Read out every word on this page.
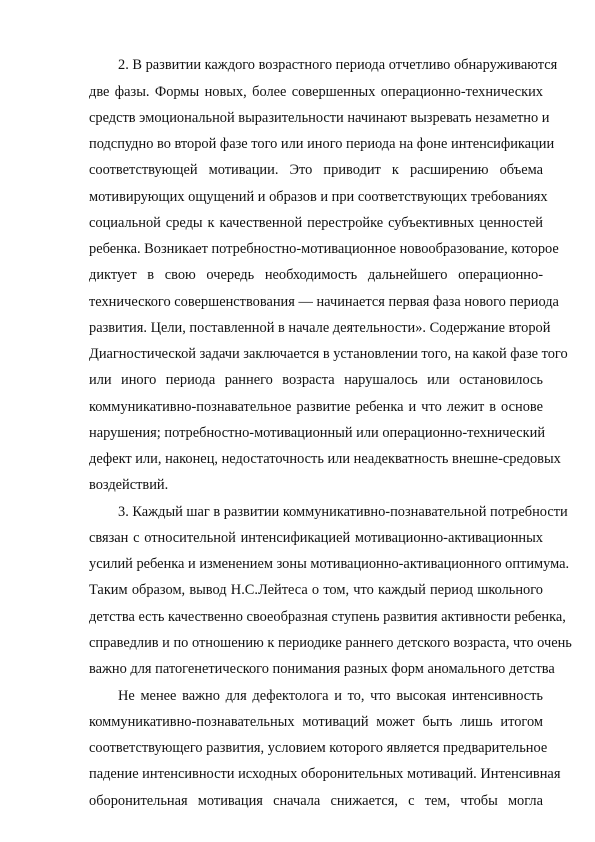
2. В развитии каждого возрастного периода отчетливо обнаруживаются

две фазы. Формы новых, более совершенных операционно-технических

средств эмоциональной выразительности начинают вызревать незаметно и

подспудно во второй фазе того или иного периода на фоне интенсификации

соответствующей мотивации. Это приводит к расширению объема

мотивирующих ощущений и образов и при соответствующих требованиях

социальной среды к качественной перестройке субъективных ценностей

ребенка. Возникает потребностно-мотивационное новообразование, которое

диктует в свою очередь необходимость дальнейшего операционно-

технического совершенствования — начинается первая фаза нового периода

развития. Цели, поставленной в начале деятельности». Содержание второй

Диагностической задачи заключается в установлении того, на какой фазе того

или иного периода раннего возраста нарушалось или остановилось

коммуникативно-познавательное развитие ребенка и что лежит в основе

нарушения; потребностно-мотивационный или операционно-технический

дефект или, наконец, недостаточность или неадекватность внешне-средовых

воздействий.

3. Каждый шаг в развитии коммуникативно-познавательной потребности

связан с относительной интенсификацией мотивационно-активационных

усилий ребенка и изменением зоны мотивационно-активационного оптимума.

Таким образом, вывод Н.С.Лейтеса о том, что каждый период школьного

детства есть качественно своеобразная ступень развития активности ребенка,

справедлив и по отношению к периодике раннего детского возраста, что очень

важно для патогенетического понимания разных форм аномального детства

Не менее важно для дефектолога и то, что высокая интенсивность

коммуникативно-познавательных мотиваций может быть лишь итогом

соответствующего развития, условием которого является предварительное

падение интенсивности исходных оборонительных мотиваций. Интенсивная

оборонительная мотивация сначала снижается, с тем, чтобы могла
